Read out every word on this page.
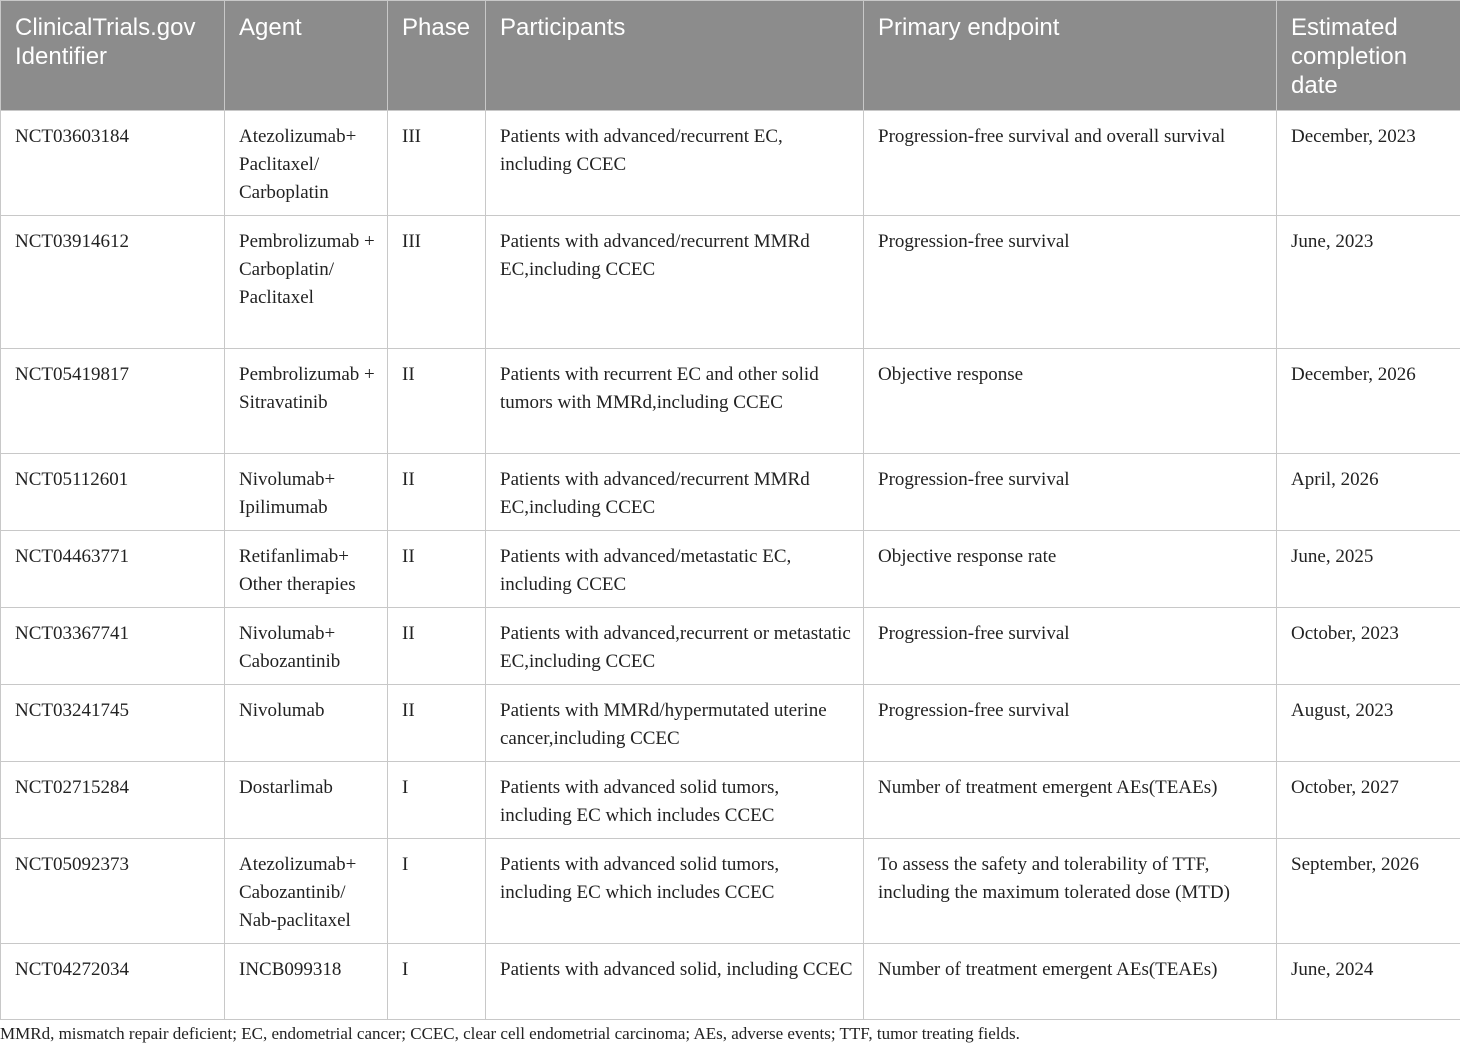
ClinicalTrials.gov Identifier	Agent	Phase	Participants	Primary endpoint	Estimated completion date
NCT03603184	Atezolizumab+ Paclitaxel/ Carboplatin	III	Patients with advanced/recurrent EC, including CCEC	Progression-free survival and overall survival	December, 2023
NCT03914612	Pembrolizumab + Carboplatin/ Paclitaxel	III	Patients with advanced/recurrent MMRd EC,including CCEC	Progression-free survival	June, 2023
NCT05419817	Pembrolizumab + Sitravatinib	II	Patients with recurrent EC and other solid tumors with MMRd,including CCEC	Objective response	December, 2026
NCT05112601	Nivolumab+ Ipilimumab	II	Patients with advanced/recurrent MMRd EC,including CCEC	Progression-free survival	April, 2026
NCT04463771	Retifanlimab+ Other therapies	II	Patients with advanced/metastatic EC, including CCEC	Objective response rate	June, 2025
NCT03367741	Nivolumab+ Cabozantinib	II	Patients with advanced,recurrent or metastatic EC,including CCEC	Progression-free survival	October, 2023
NCT03241745	Nivolumab	II	Patients with MMRd/hypermutated uterine cancer,including CCEC	Progression-free survival	August, 2023
NCT02715284	Dostarlimab	I	Patients with advanced solid tumors, including EC which includes CCEC	Number of treatment emergent AEs(TEAEs)	October, 2027
NCT05092373	Atezolizumab+ Cabozantinib/ Nab-paclitaxel	I	Patients with advanced solid tumors, including EC which includes CCEC	To assess the safety and tolerability of TTF, including the maximum tolerated dose (MTD)	September, 2026
NCT04272034	INCB099318	I	Patients with advanced solid, including CCEC	Number of treatment emergent AEs(TEAEs)	June, 2024
MMRd, mismatch repair deficient; EC, endometrial cancer; CCEC, clear cell endometrial carcinoma; AEs, adverse events; TTF, tumor treating fields.
